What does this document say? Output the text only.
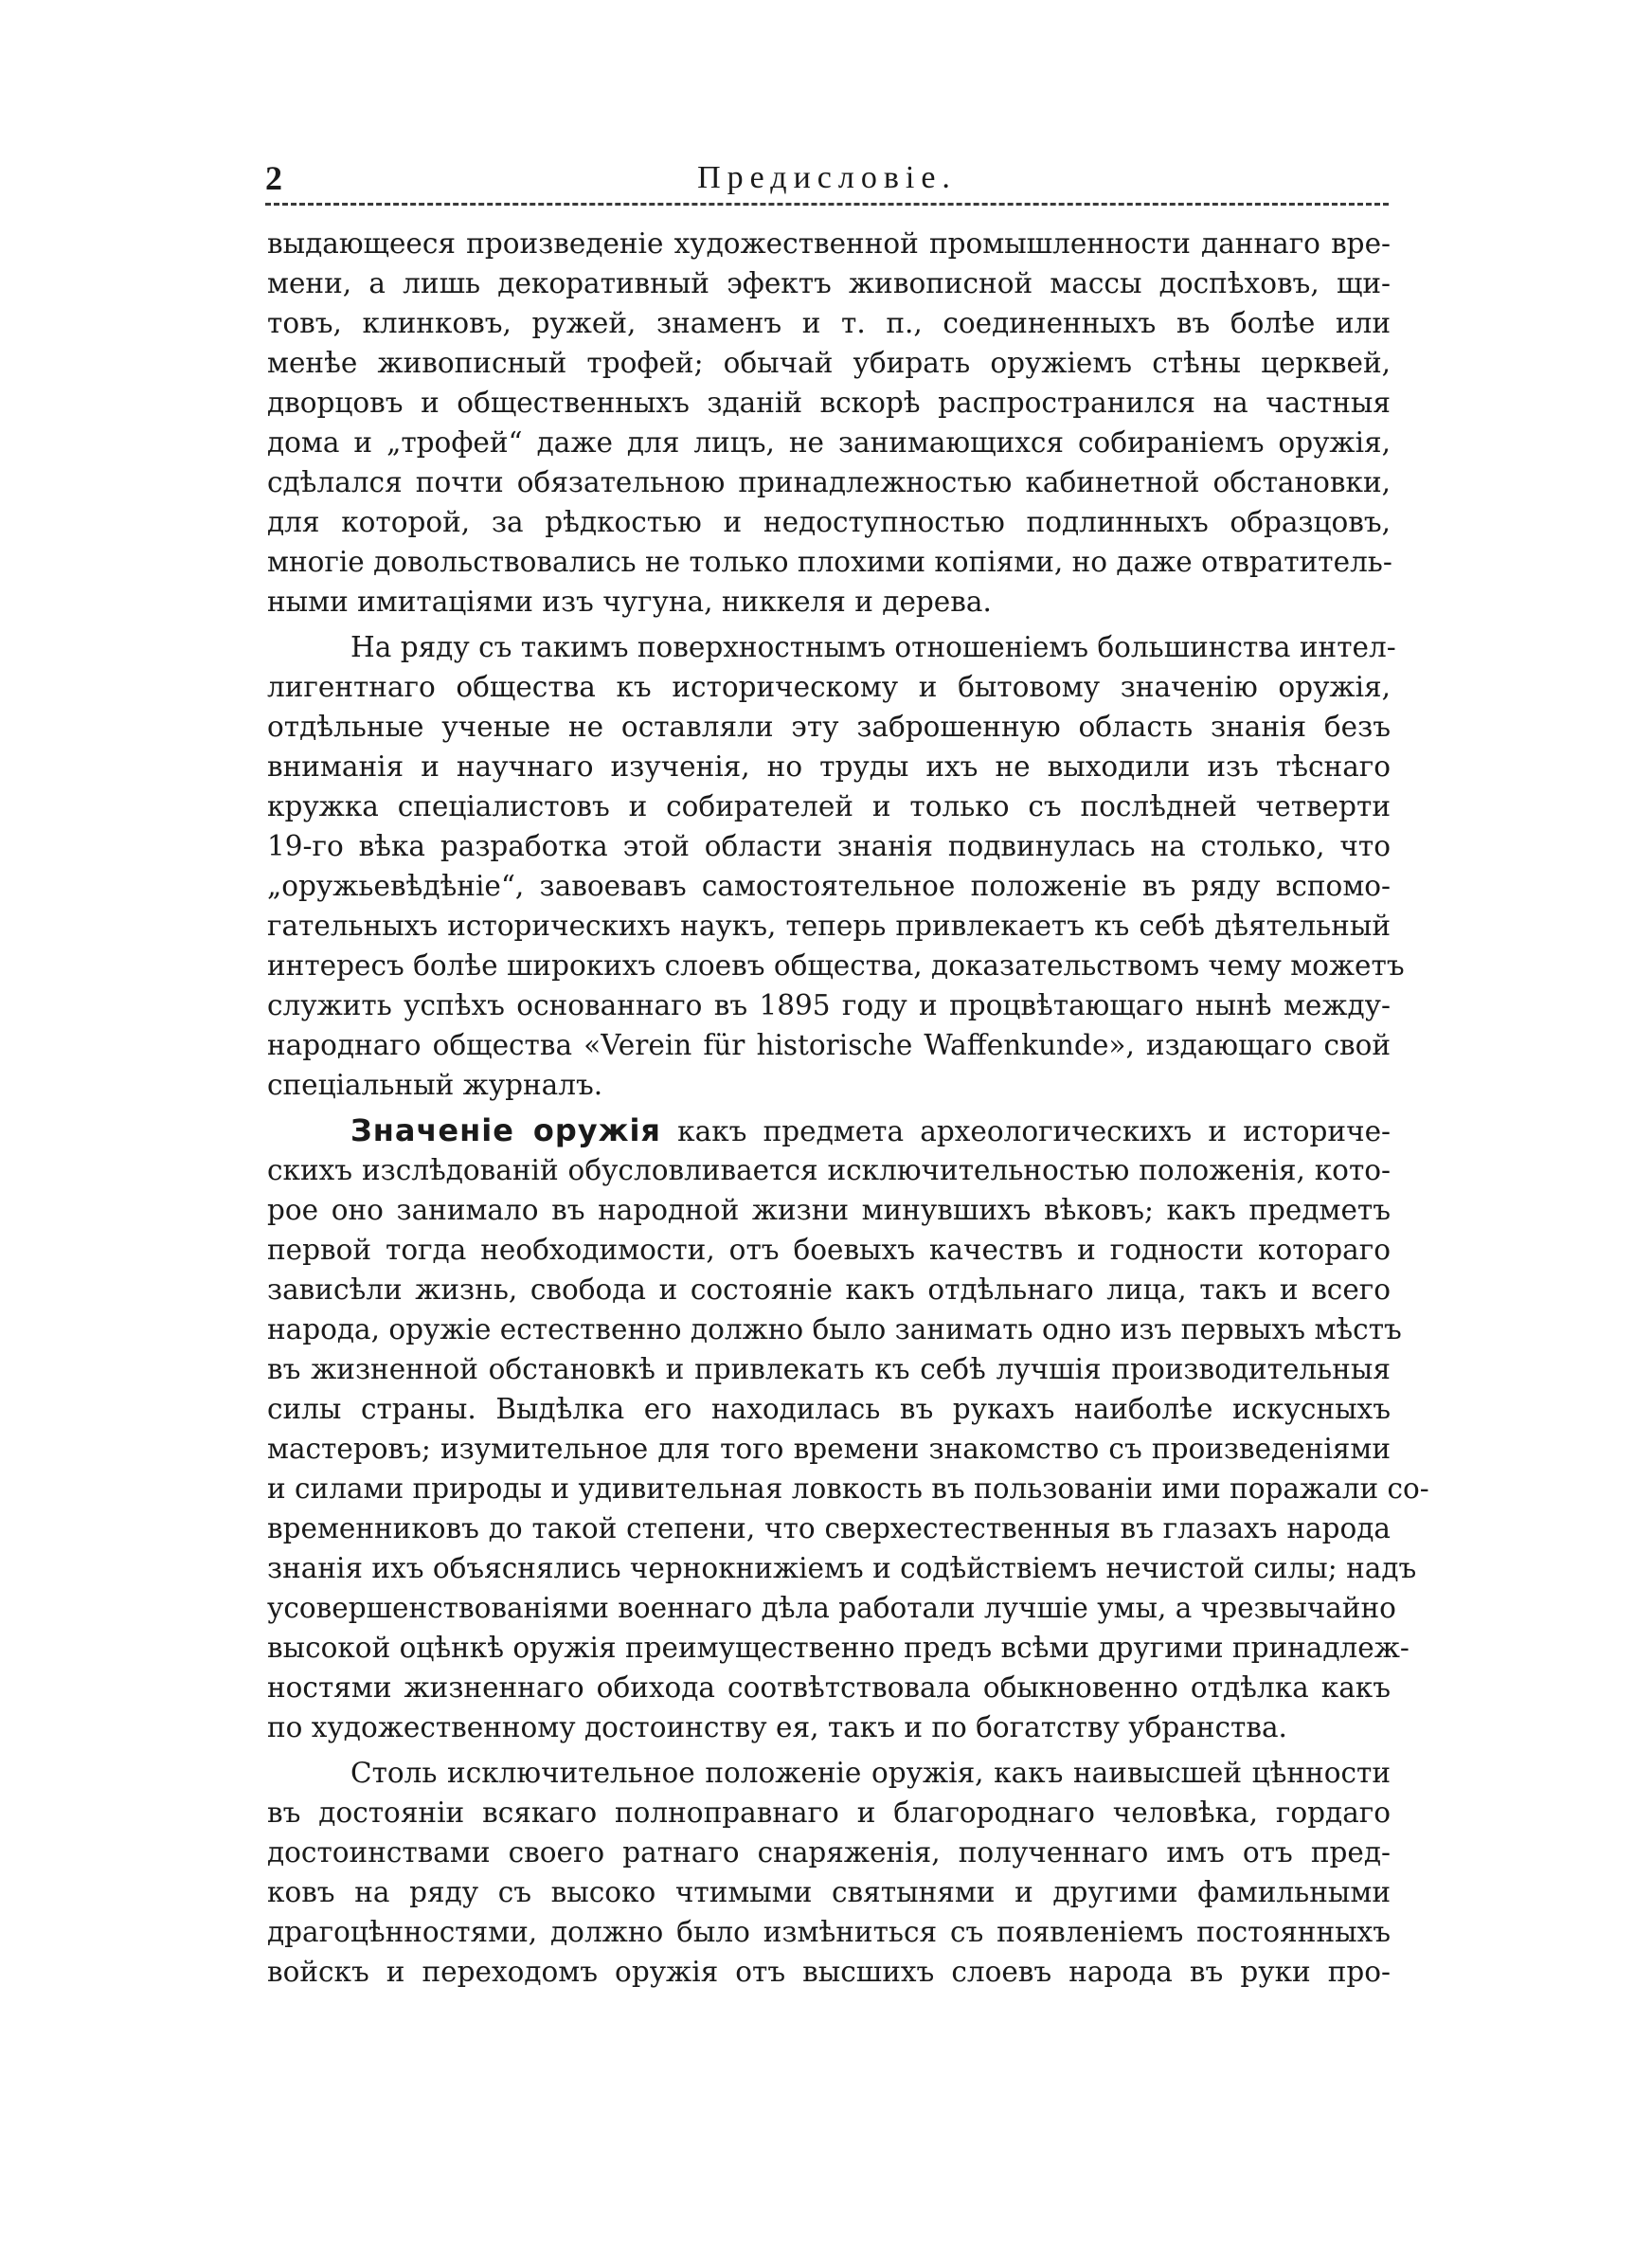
2	Предисловіе.
выдающееся произведеніе художественной промышленности даннаго вре-
мени, а лишь декоративный эфектъ живописной массы доспѣховъ, щи-
товъ, клинковъ, ружей, знаменъ и т. п., соединенныхъ въ болѣе или
менѣе живописный трофей; обычай убирать оружіемъ стѣны церквей,
дворцовъ и общественныхъ зданій вскорѣ распространился на частныя
дома и „трофей“ даже для лицъ, не занимающихся собираніемъ оружія,
сдѣлался почти обязательною принадлежностью кабинетной обстановки,
для которой, за рѣдкостью и недоступностью подлинныхъ образцовъ,
многіе довольствовались не только плохими копіями, но даже отвратитель-
ными имитаціями изъ чугуна, никкеля и дерева.
На ряду съ такимъ поверхностнымъ отношеніемъ большинства интел-
лигентнаго общества къ историческому и бытовому значенію оружія,
отдѣльные ученые не оставляли эту заброшенную область знанія безъ
вниманія и научнаго изученія, но труды ихъ не выходили изъ тѣснаго
кружка спеціалистовъ и собирателей и только съ послѣдней четверти
19-го вѣка разработка этой области знанія подвинулась на столько, что
„оружьевѣдѣніе“, завоевавъ самостоятельное положеніе въ ряду вспомо-
гательныхъ историческихъ наукъ, теперь привлекаетъ къ себѣ дѣятельный
интересъ болѣе широкихъ слоевъ общества, доказательствомъ чему можетъ
служить успѣхъ основаннаго въ 1895 году и процвѣтающаго нынѣ между-
народнаго общества «Verein für historische Waffenkunde», издающаго свой
спеціальный журналъ.
Значеніе оружія какъ предмета археологическихъ и историче-
скихъ изслѣдованій обусловливается исключительностью положенія, кото-
рое оно занимало въ народной жизни минувшихъ вѣковъ; какъ предметъ
первой тогда необходимости, отъ боевыхъ качествъ и годности котораго
зависѣли жизнь, свобода и состояніе какъ отдѣльнаго лица, такъ и всего
народа, оружіе естественно должно было занимать одно изъ первыхъ мѣстъ
въ жизненной обстановкѣ и привлекать къ себѣ лучшія производительныя
силы страны. Выдѣлка его находилась въ рукахъ наиболѣе искусныхъ
мастеровъ; изумительное для того времени знакомство съ произведеніями
и силами природы и удивительная ловкость въ пользованіи ими поражали со-
временниковъ до такой степени, что сверхестественныя въ глазахъ народа
знанія ихъ объяснялись чернокнижіемъ и содѣйствіемъ нечистой силы; надъ
усовершенствованіями военнаго дѣла работали лучшіе умы, а чрезвычайно
высокой оцѣнкѣ оружія преимущественно предъ всѣми другими принадлеж-
ностями жизненнаго обихода соотвѣтствовала обыкновенно отдѣлка какъ
по художественному достоинству ея, такъ и по богатству убранства.
Столь исключительное положеніе оружія, какъ наивысшей цѣнности
въ достояніи всякаго полноправнаго и благороднаго человѣка, гордаго
достоинствами своего ратнаго снаряженія, полученнаго имъ отъ пред-
ковъ на ряду съ высоко чтимыми святынями и другими фамильными
драгоцѣнностями, должно было измѣниться съ появленіемъ постоянныхъ
войскъ и переходомъ оружія отъ высшихъ слоевъ народа въ руки про-
